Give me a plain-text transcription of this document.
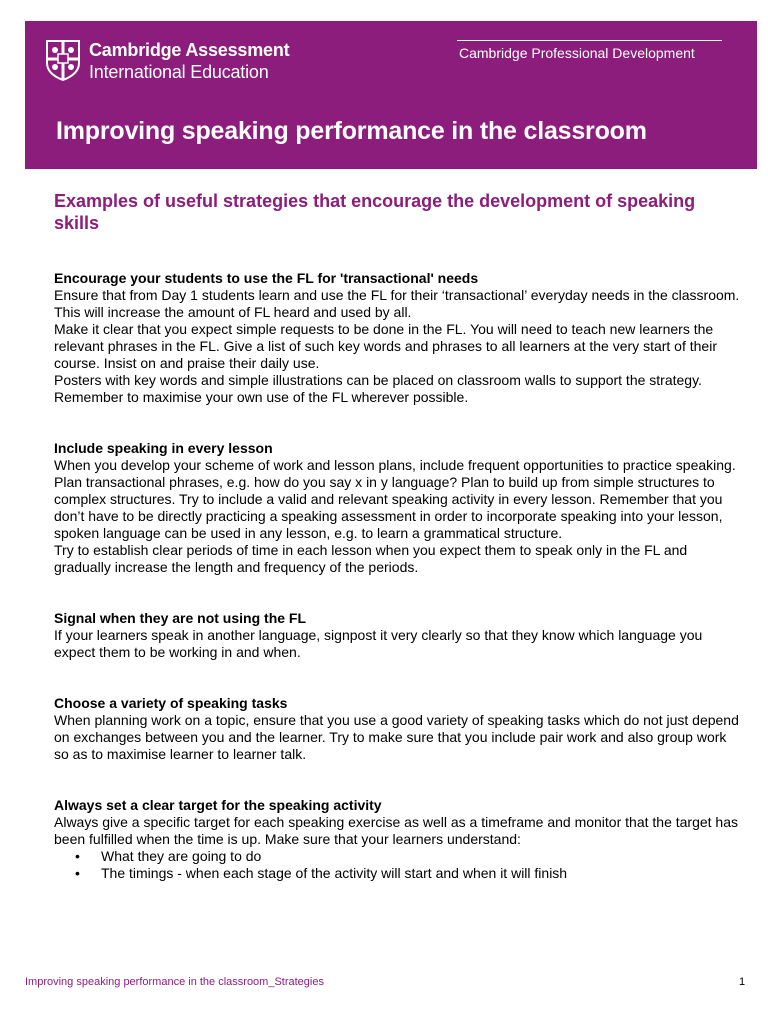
Cambridge Assessment
International Education
Cambridge Professional Development
Improving speaking performance in the classroom
Examples of useful strategies that encourage the development of speaking skills
Encourage your students to use the FL for 'transactional' needs

Ensure that from Day 1 students learn and use the FL for their ‘transactional’ everyday needs in the classroom. This will increase the amount of FL heard and used by all.

Make it clear that you expect simple requests to be done in the FL. You will need to teach new learners the relevant phrases in the FL. Give a list of such key words and phrases to all learners at the very start of their course. Insist on and praise their daily use.

Posters with key words and simple illustrations can be placed on classroom walls to support the strategy.

Remember to maximise your own use of the FL wherever possible.

Include speaking in every lesson

When you develop your scheme of work and lesson plans, include frequent opportunities to practice speaking. Plan transactional phrases, e.g. how do you say x in y language? Plan to build up from simple structures to complex structures. Try to include a valid and relevant speaking activity in every lesson. Remember that you don’t have to be directly practicing a speaking assessment in order to incorporate speaking into your lesson, spoken language can be used in any lesson, e.g. to learn a grammatical structure.

Try to establish clear periods of time in each lesson when you expect them to speak only in the FL and gradually increase the length and frequency of the periods.

Signal when they are not using the FL

If your learners speak in another language, signpost it very clearly so that they know which language you expect them to be working in and when.

Choose a variety of speaking tasks

When planning work on a topic, ensure that you use a good variety of speaking tasks which do not just depend on exchanges between you and the learner. Try to make sure that you include pair work and also group work so as to maximise learner to learner talk.

Always set a clear target for the speaking activity

Always give a specific target for each speaking exercise as well as a timeframe and monitor that the target has been fulfilled when the time is up. Make sure that your learners understand:

• What they are going to do
• The timings - when each stage of the activity will start and when it will finish
Improving speaking performance in the classroom_Strategies	1
